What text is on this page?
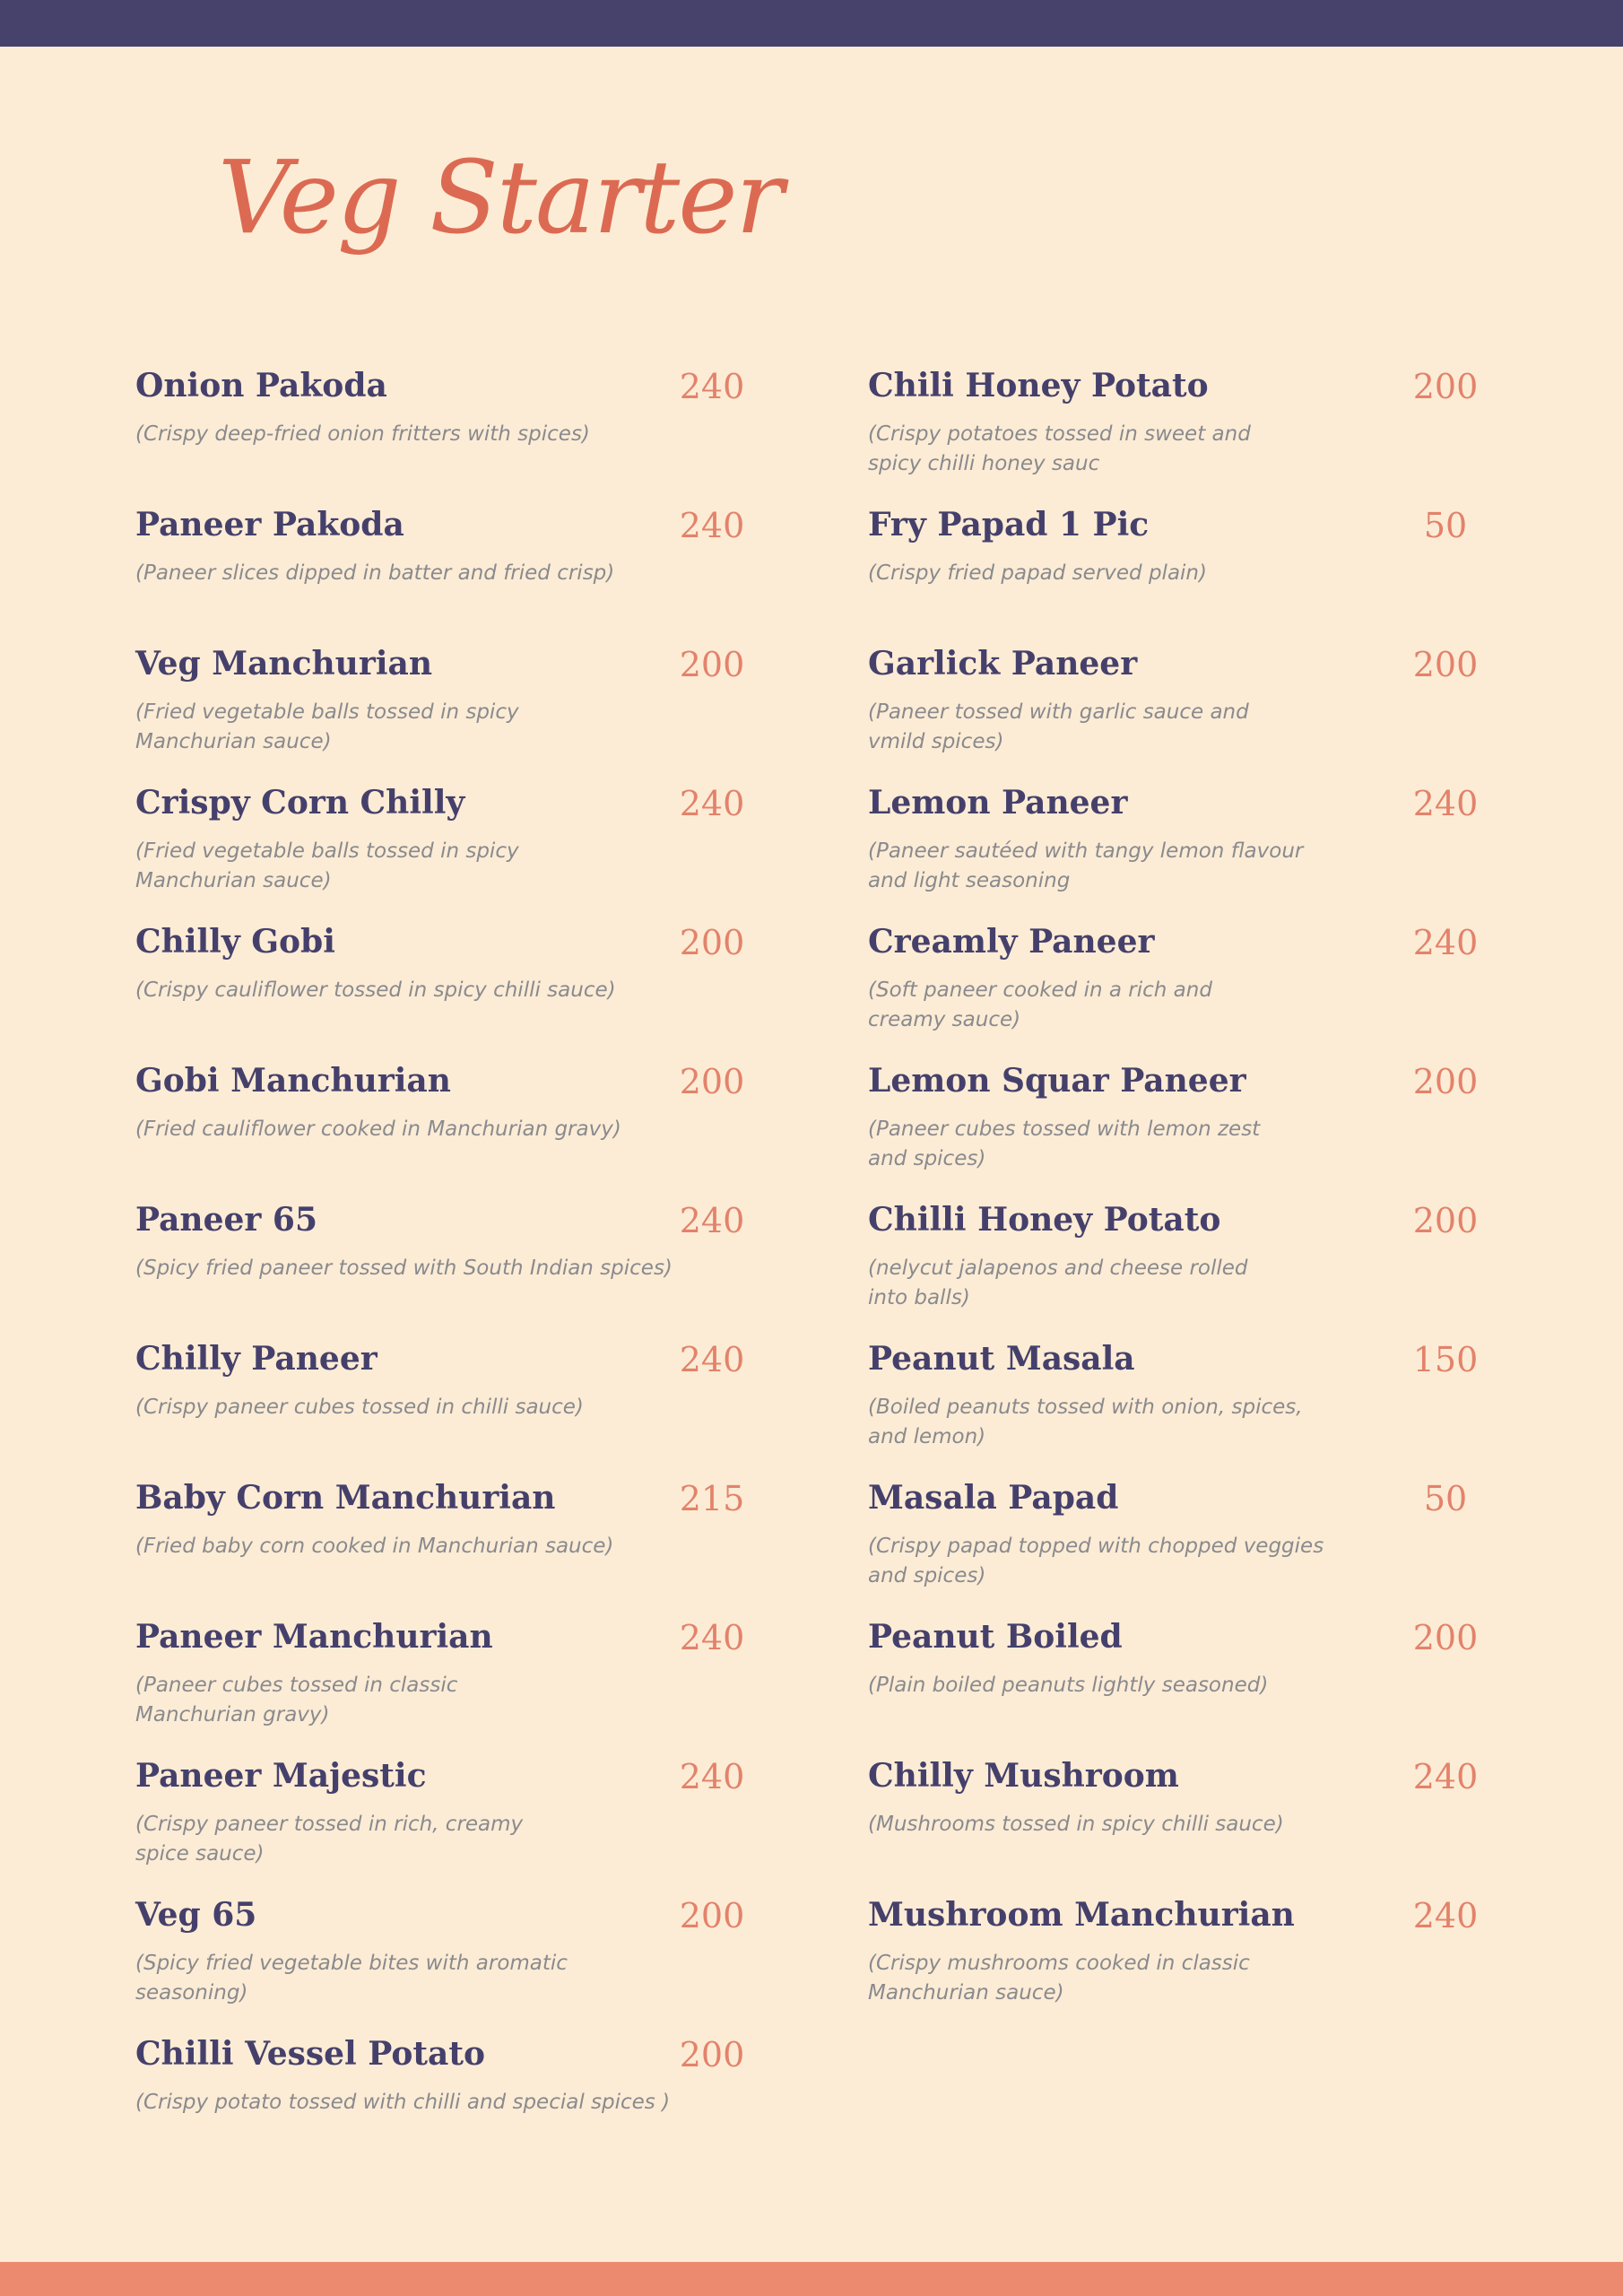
Veg Starter
Onion Pakoda	240

(Crispy deep-fried onion fritters with spices)

Paneer Pakoda	240

(Paneer slices dipped in batter and fried crisp)

Veg Manchurian	200

(Fried vegetable balls tossed in spicy
Manchurian sauce)

Crispy Corn Chilly	240

(Fried vegetable balls tossed in spicy
Manchurian sauce)

Chilly Gobi	200

(Crispy cauliflower tossed in spicy chilli sauce)

Gobi Manchurian	200

(Fried cauliflower cooked in Manchurian gravy)

Paneer 65	240

(Spicy fried paneer tossed with South Indian spices)

Chilly Paneer	240

(Crispy paneer cubes tossed in chilli sauce)

Baby Corn Manchurian	215

(Fried baby corn cooked in Manchurian sauce)

Paneer Manchurian	240

(Paneer cubes tossed in classic
Manchurian gravy)

Paneer Majestic	240

(Crispy paneer tossed in rich, creamy
spice sauce)

Veg 65	200

(Spicy fried vegetable bites with aromatic
seasoning)

Chilli Vessel Potato	200

(Crispy potato tossed with chilli and special spices )

Chili Honey Potato	200

(Crispy potatoes tossed in sweet and
spicy chilli honey sauc

Fry Papad 1 Pic	50

(Crispy fried papad served plain)

Garlick Paneer	200

(Paneer tossed with garlic sauce and
vmild spices)

Lemon Paneer	240

(Paneer sautéed with tangy lemon flavour
and light seasoning

Creamly Paneer	240

(Soft paneer cooked in a rich and
creamy sauce)

Lemon Squar Paneer	200

(Paneer cubes tossed with lemon zest
and spices)

Chilli Honey Potato	200

(nelycut jalapenos and cheese rolled
into balls)

Peanut Masala	150

(Boiled peanuts tossed with onion, spices,
and lemon)

Masala Papad	50

(Crispy papad topped with chopped veggies
and spices)

Peanut Boiled	200

(Plain boiled peanuts lightly seasoned)

Chilly Mushroom	240

(Mushrooms tossed in spicy chilli sauce)

Mushroom Manchurian	240

(Crispy mushrooms cooked in classic
Manchurian sauce)
